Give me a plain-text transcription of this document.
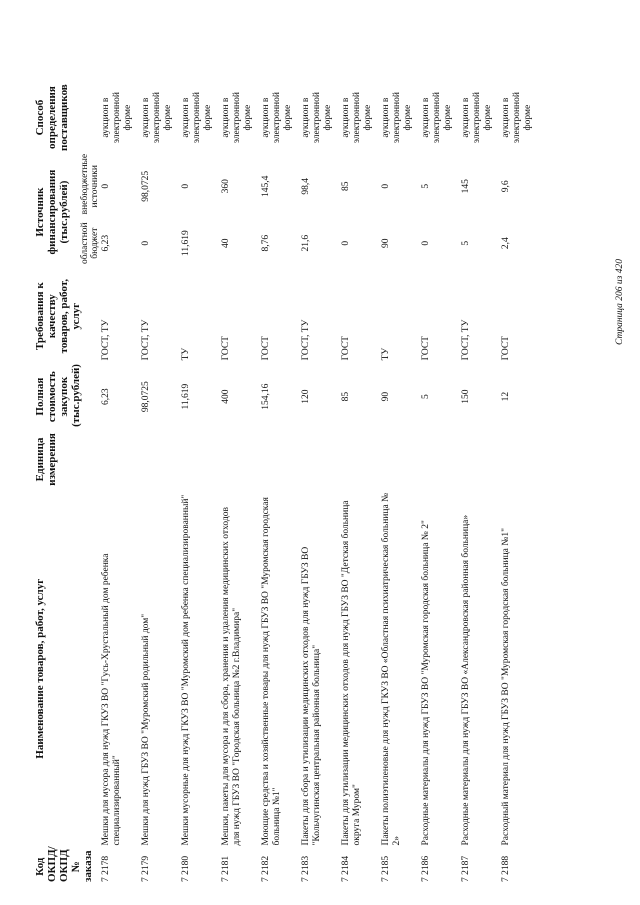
Код ОКПД/ ОКПД № заказа	Наименование товаров, работ, услуг	Единица измерения	Полная стоимость закупок (тыс.рублей)	Требования к качеству товаров, работ, услуг	Источник финансирования (тыс.рублей)		Способ определения поставщиков
					областной бюджет	внебюджетные источники	
7 2178	Мешки для мусора для нужд ГКУЗ ВО "Гусь-Хрустальный дом ребенка специализированный"		6,23	ГОСТ, ТУ	6,23	0	аукцион в электронной форме
7 2179	Мешки для нужд ГБУЗ ВО "Муромский родильный дом"		98,0725	ГОСТ, ТУ	0	98,0725	аукцион в электронной форме
7 2180	Мешки мусорные для нужд ГКУЗ ВО "Муромский дом ребенка специализированный"		11,619	ТУ	11,619	0	аукцион в электронной форме
7 2181	Мешки, пакеты для мусора и для сбора, хранения и удаления медицинских отходов для нужд ГБУЗ ВО "Городская больница №2 г.Владимира"		400	ГОСТ	40	360	аукцион в электронной форме
7 2182	Моющие средства и хозяйственные товары для нужд ГБУЗ ВО "Муромская городская больница №1"		154,16	ГОСТ	8,76	145,4	аукцион в электронной форме
7 2183	Пакеты для сбора и утилизации медицинских отходов для нужд ГБУЗ ВО "Кольчугинская центральная районная больница"		120	ГОСТ, ТУ	21,6	98,4	аукцион в электронной форме
7 2184	Пакеты для утилизации медицинских отходов для нужд ГБУЗ ВО "Детская больница округа Муром"		85	ГОСТ	0	85	аукцион в электронной форме
7 2185	Пакеты полиэтиленовые для нужд ГКУЗ ВО «Областная психиатрическая больница № 2»		90	ТУ	90	0	аукцион в электронной форме
7 2186	Расходные материалы для нужд ГБУЗ ВО "Муромская городская больница № 2"		5	ГОСТ	0	5	аукцион в электронной форме
7 2187	Расходные материалы для нужд ГБУЗ ВО «Александровская районная больница»		150	ГОСТ, ТУ	5	145	аукцион в электронной форме
7 2188	Расходный материал для нужд ГБУЗ ВО "Муромская городская больница №1"		12	ГОСТ	2,4	9,6	аукцион в электронной форме
Страница 206 из 420
